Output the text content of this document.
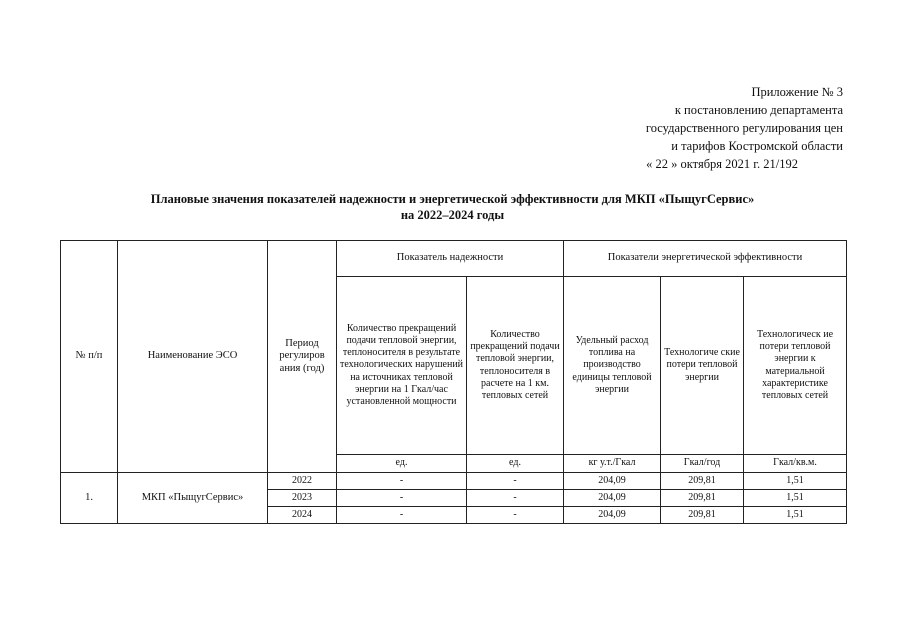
Приложение № 3
к постановлению департамента
государственного регулирования цен
и тарифов Костромской области
« 22 » октября 2021 г. 21/192
Плановые значения показателей надежности и энергетической эффективности для МКП «ПыщугСервис»
на 2022–2024 годы
№ п/п	Наименование ЭСО	Период регулиров ания (год)	Показатель надежности		Показатели энергетической эффективности		
			Количество прекращений подачи тепловой энергии, теплоносителя в результате технологических нарушений на источниках тепловой энергии на 1 Гкал/час установленной мощности	Количество прекращений подачи тепловой энергии, теплоносителя в расчете на 1 км. тепловых сетей	Удельный расход топлива на производство единицы тепловой энергии	Технологиче ские потери тепловой энергии	Технологическ ие потери тепловой энергии к материальной характеристике тепловых сетей
			ед.	ед.	кг у.т./Гкал	Гкал/год	Гкал/кв.м.
1.	МКП «ПыщугСервис»	2022	-	-	204,09	209,81	1,51
		2023	-	-	204,09	209,81	1,51
		2024	-	-	204,09	209,81	1,51
